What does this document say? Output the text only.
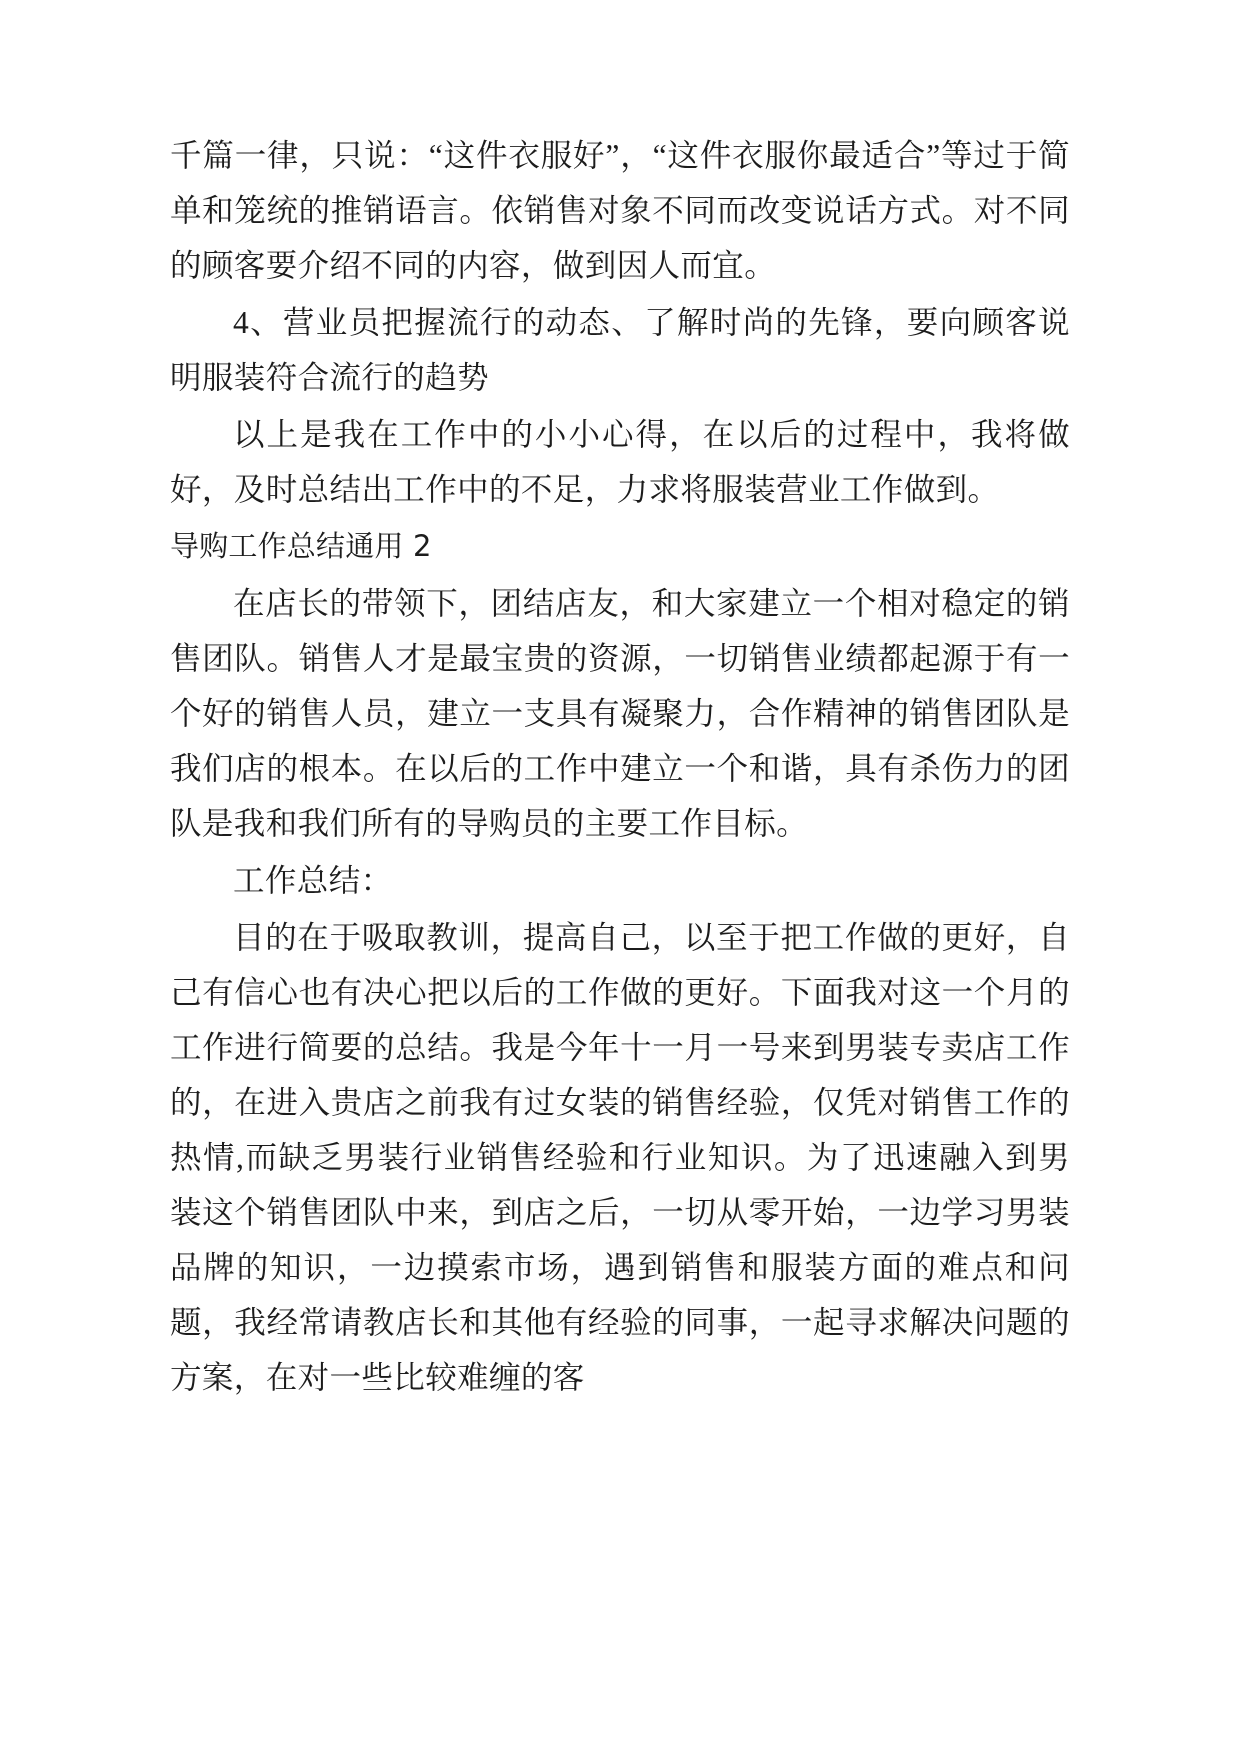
千篇一律，只说：“这件衣服好”，“这件衣服你最适合”等过于简单和笼统的推销语言。依销售对象不同而改变说话方式。对不同的顾客要介绍不同的内容，做到因人而宜。

4、营业员把握流行的动态、了解时尚的先锋，要向顾客说明服装符合流行的趋势

以上是我在工作中的小小心得，在以后的过程中，我将做好，及时总结出工作中的不足，力求将服装营业工作做到。

导购工作总结通用 2

在店长的带领下，团结店友，和大家建立一个相对稳定的销售团队。销售人才是最宝贵的资源，一切销售业绩都起源于有一个好的销售人员，建立一支具有凝聚力，合作精神的销售团队是我们店的根本。在以后的工作中建立一个和谐，具有杀伤力的团队是我和我们所有的导购员的主要工作目标。

工作总结：

目的在于吸取教训，提高自己，以至于把工作做的更好，自己有信心也有决心把以后的工作做的更好。下面我对这一个月的工作进行简要的总结。我是今年十一月一号来到男装专卖店工作的，在进入贵店之前我有过女装的销售经验，仅凭对销售工作的热情,而缺乏男装行业销售经验和行业知识。为了迅速融入到男装这个销售团队中来，到店之后，一切从零开始，一边学习男装品牌的知识，一边摸索市场，遇到销售和服装方面的难点和问题，我经常请教店长和其他有经验的同事，一起寻求解决问题的方案，在对一些比较难缠的客
